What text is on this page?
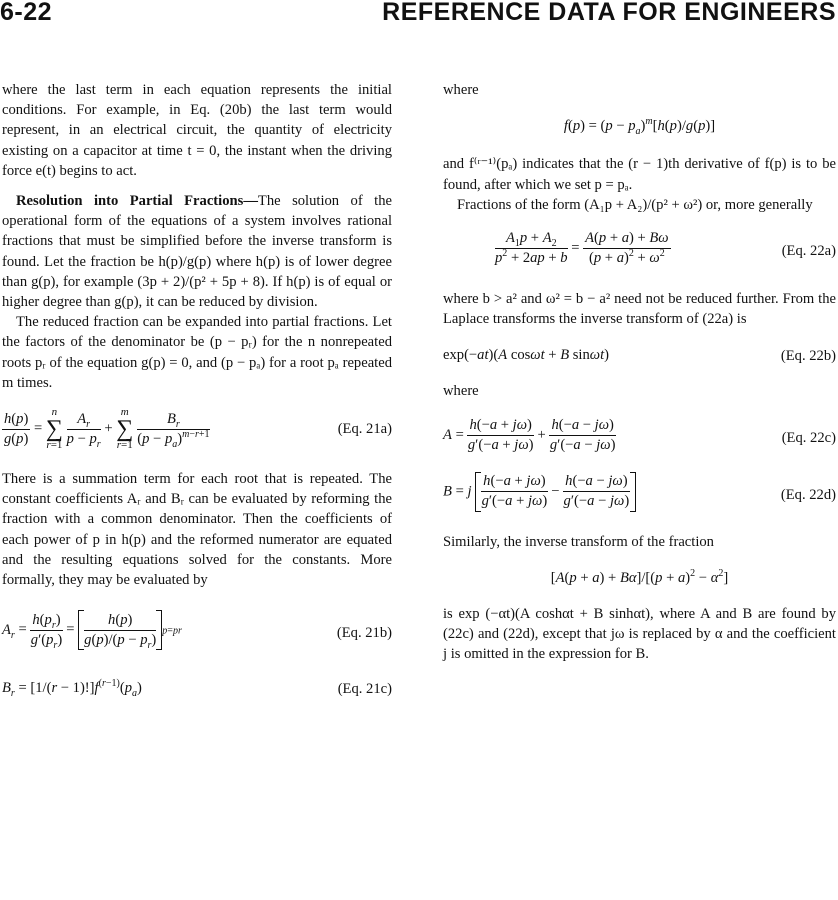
6-22	REFERENCE DATA FOR ENGINEERS

where the last term in each equation represents the initial conditions. For example, in Eq. (20b) the last term would represent, in an electrical circuit, the quantity of electricity existing on a capacitor at time t = 0, the instant when the driving force e(t) begins to act.

Resolution into Partial Fractions—The solution of the operational form of the equations of a system involves rational fractions that must be simplified before the inverse transform is found. Let the fraction be h(p)/g(p) where h(p) is of lower degree than g(p), for example (3p + 2)/(p² + 5p + 8). If h(p) is of equal or higher degree than g(p), it can be reduced by division.

The reduced fraction can be expanded into partial fractions. Let the factors of the denominator be (p − pᵣ) for the n nonrepeated roots pᵣ of the equation g(p) = 0, and (p − pₐ) for a root pₐ repeated m times.

$\frac{h(p)}{g(p)}$ =
n
∑
r=1
$\frac{A_r}{p - p_r}$ +
m
∑
r=1
$\frac{B_r}{(p - p_a)^{m-r+1}}$	(Eq. 21a)

There is a summation term for each root that is repeated. The constant coefficients Aᵣ and Bᵣ can be evaluated by reforming the fraction with a common denominator. Then the coefficients of each power of p in h(p) and the reformed numerator are equated and the resulting equations solved for the constants. More formally, they may be evaluated by

$A_r = \frac{h(p_r)}{g'(p_r)} = \frac{h(p)}{g(p)/(p - p_r)} p=pr$	(Eq. 21b)
$B_r = [1/(r - 1)!]f^{(r-1)}(p_a)$	(Eq. 21c)

where

$f(p) = (p - p_a)^m[h(p)/g(p)]$

and f⁽ʳ⁻¹⁾(pₐ) indicates that the (r − 1)th derivative of f(p) is to be found, after which we set p = pₐ.

Fractions of the form (A₁p + A₂)/(p² + ω²) or, more generally

$\frac{A_1p + A_2}{p^2 + 2ap + b} = \frac{A(p + a) + B\omega}{(p + a)^2 + \omega^2}$	(Eq. 22a)

where b > a² and ω² = b − a² need not be reduced further. From the Laplace transforms the inverse transform of (22a) is

exp(−at)(A cosωt + B sinωt)	(Eq. 22b)

where

$A = \frac{h(-a + j\omega)}{g'(-a + j\omega)} + \frac{h(-a - j\omega)}{g'(-a - j\omega)}$	(Eq. 22c)
B = j $\frac{h(-a + j\omega)}{g'(-a + j\omega)} - \frac{h(-a - j\omega)}{g'(-a - j\omega)}$	(Eq. 22d)

Similarly, the inverse transform of the fraction

$[A(p + a) + B\alpha]/[(p + a)^2 - \alpha^2]$

is exp (−αt)(A coshαt + B sinhαt), where A and B are found by (22c) and (22d), except that jω is replaced by α and the coefficient j is omitted in the expression for B.
